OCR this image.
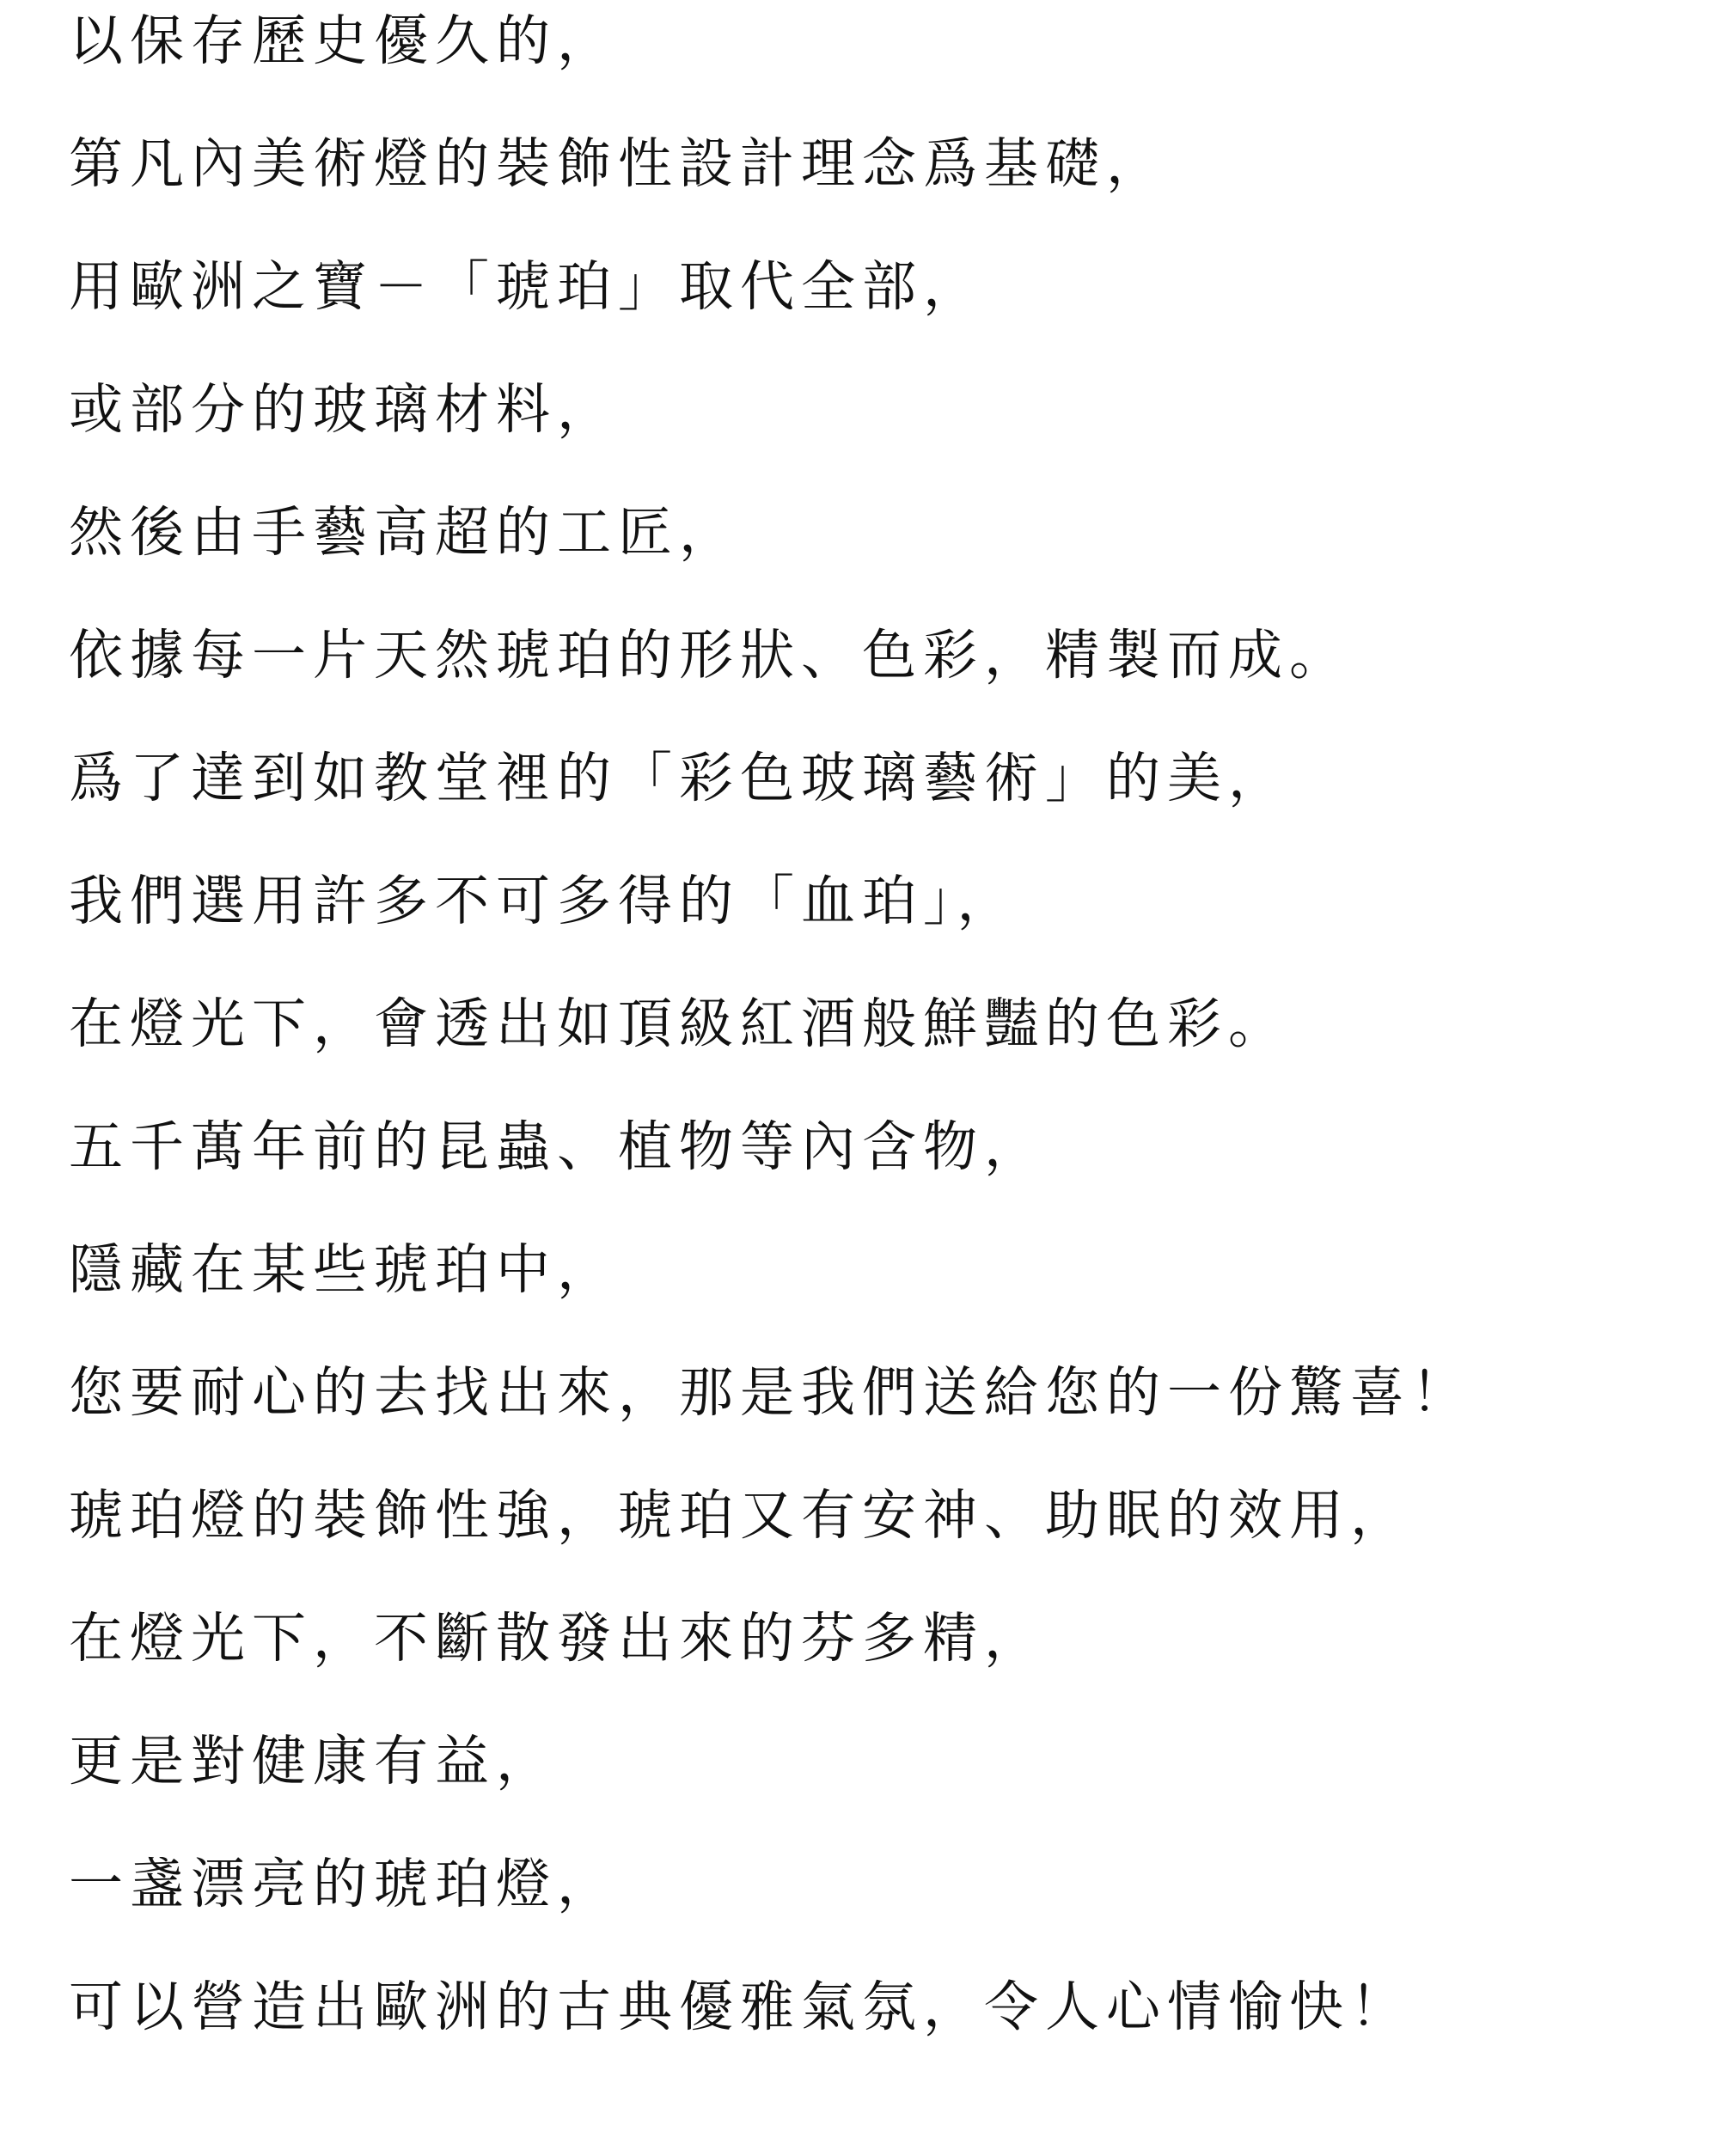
以保存歷史優久的，
第凡內美術燈的裝飾性設計理念爲基礎，
用歐洲之寶－「琥珀」取代全部，
或部分的玻璃材料，
然後由手藝高超的工匠，
依據每一片天然琥珀的形狀、色彩，精製而成。
爲了達到如教堂裡的「彩色玻璃藝術」的美，
我們選用許多不可多得的「血珀」，
在燈光下，會透出如頂級紅酒般鮮豔的色彩。
五千萬年前的昆蟲、植物等內含物，
隱藏在某些琥珀中，
您要耐心的去找出來，那是我們送給您的一份驚喜！
琥珀燈的裝飾性強，琥珀又有安神、助眠的效用，
在燈光下，不斷散發出來的芬多精，
更是對健康有益，
一盞漂亮的琥珀燈，
可以營造出歐洲的古典優雅氣氛，令人心情愉快！
